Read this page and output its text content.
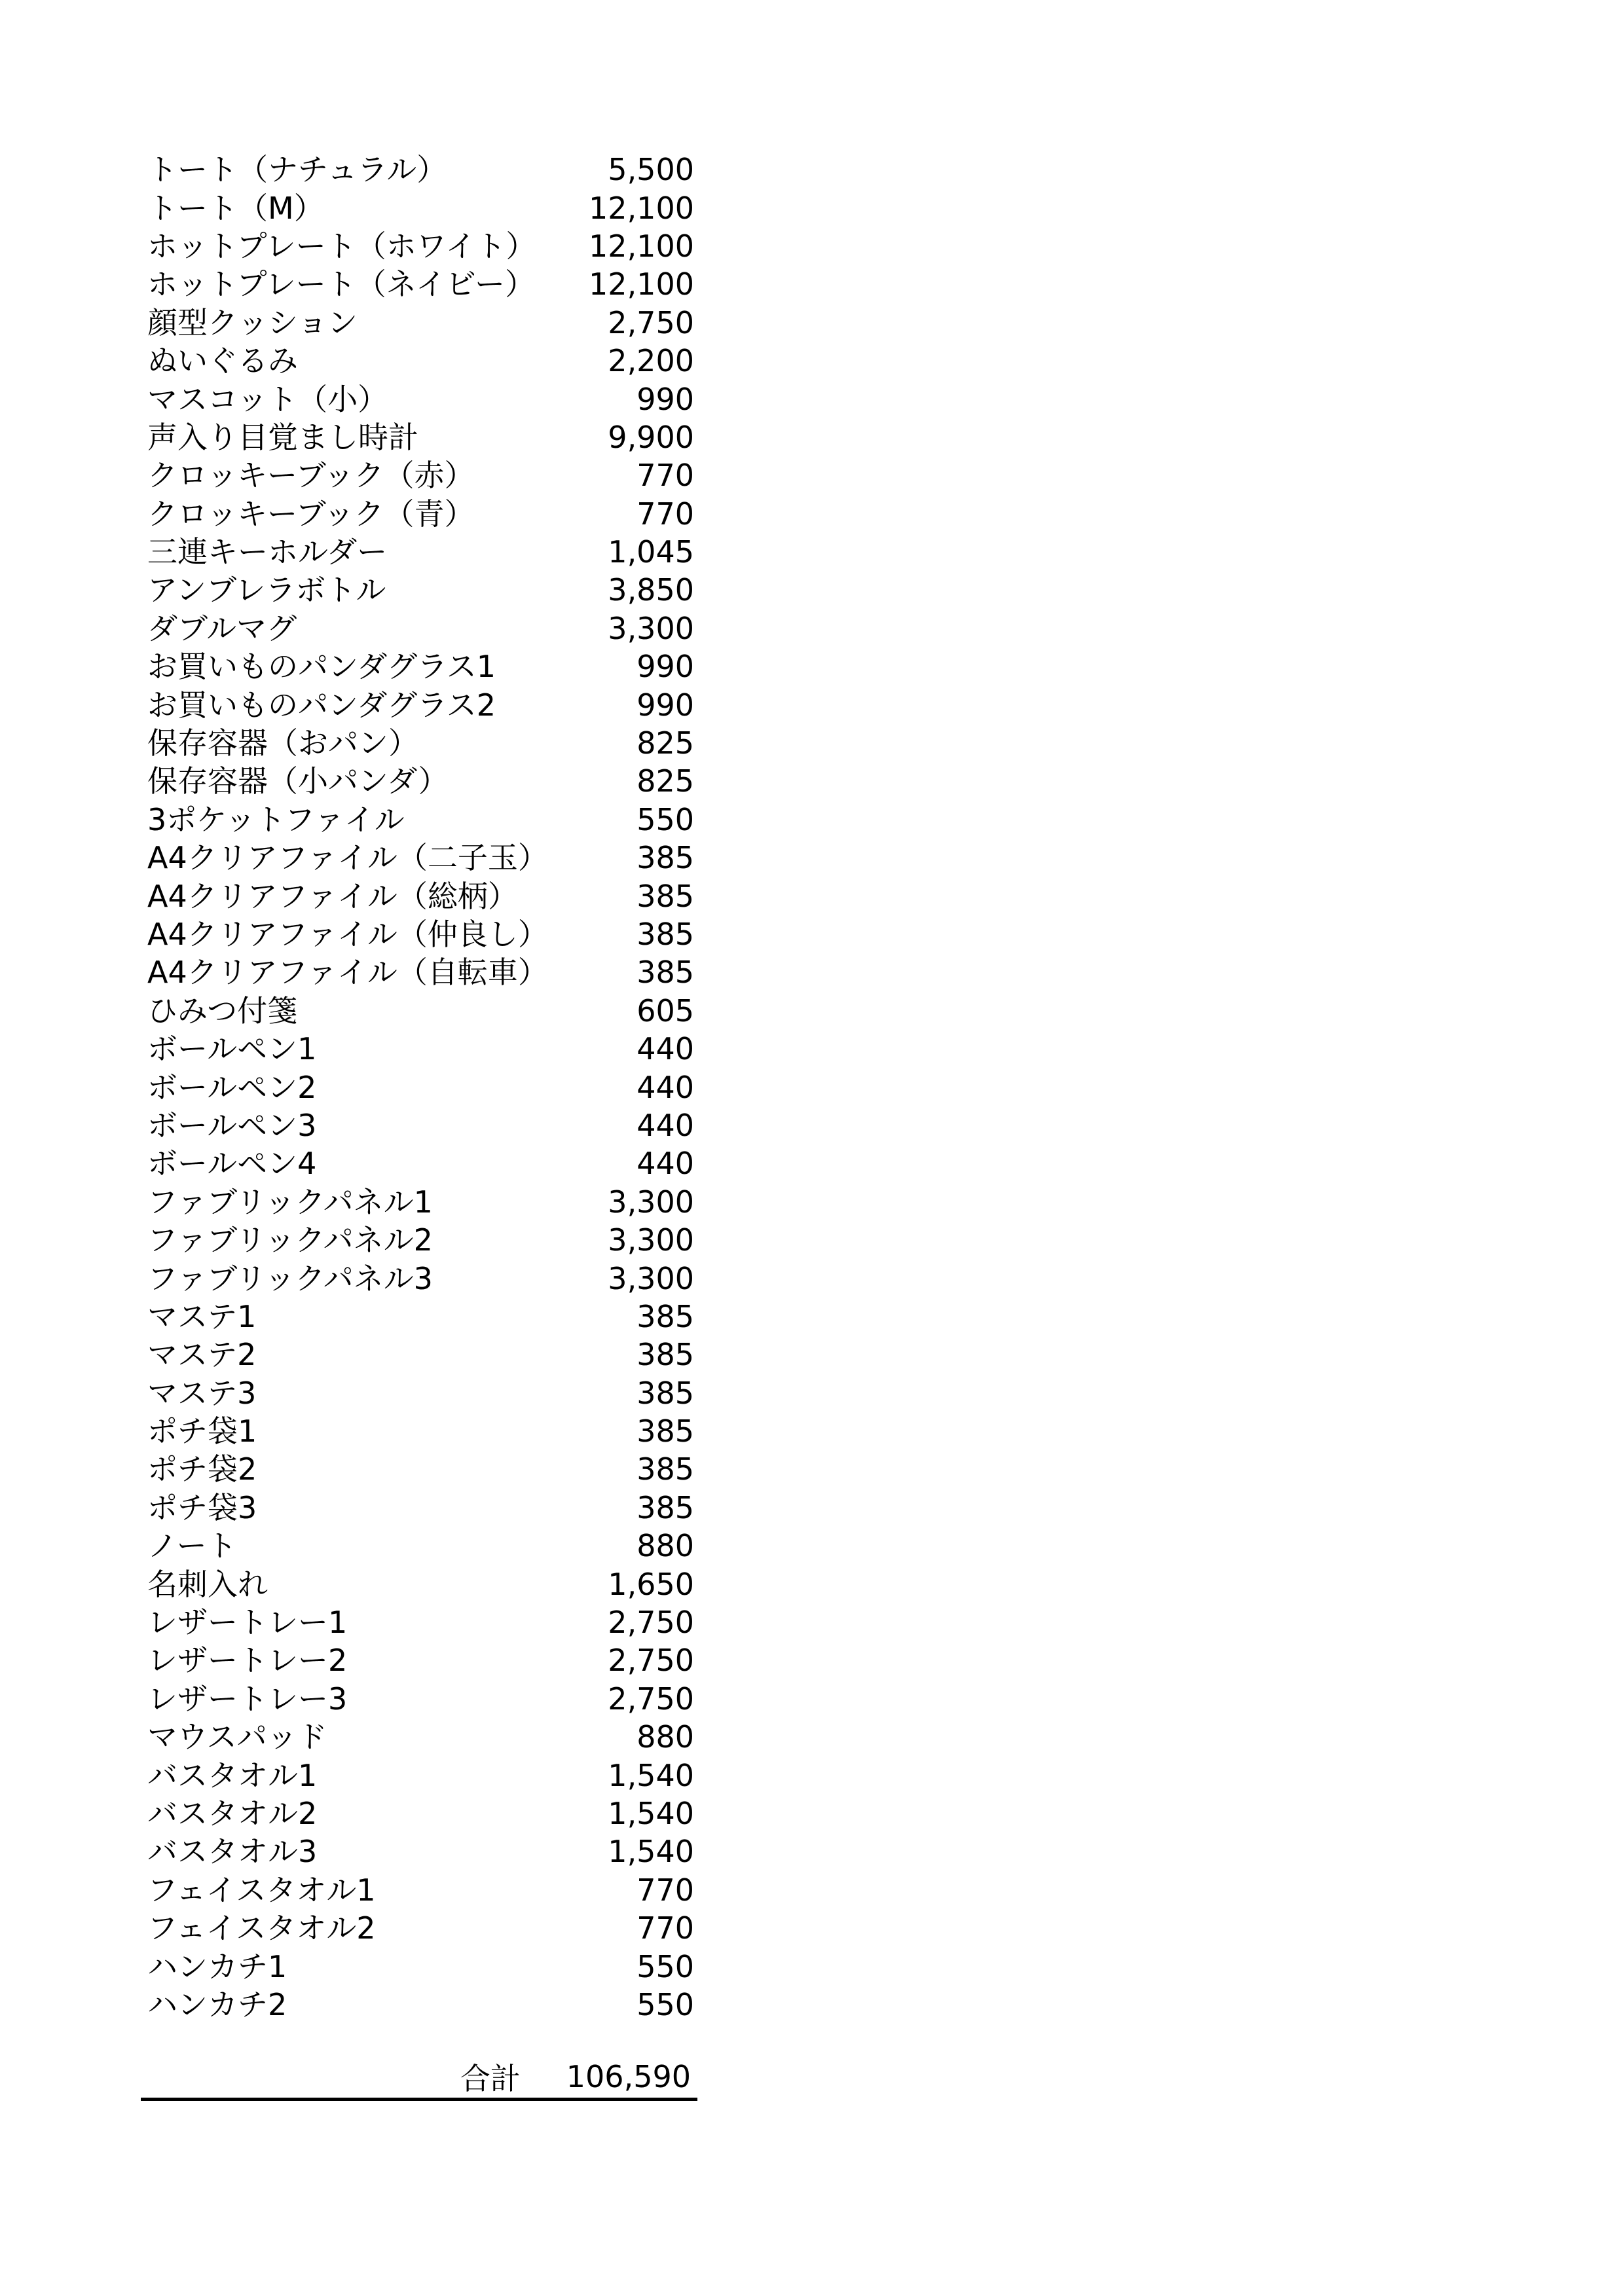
トート（ナチュラル）	5,500
トート（M）	12,100
ホットプレート（ホワイト）	12,100
ホットプレート（ネイビー）	12,100
顔型クッション	2,750
ぬいぐるみ	2,200
マスコット（小）	990
声入り目覚まし時計	9,900
クロッキーブック（赤）	770
クロッキーブック（青）	770
三連キーホルダー	1,045
アンブレラボトル	3,850
ダブルマグ	3,300
お買いものパンダグラス1	990
お買いものパンダグラス2	990
保存容器（おパン）	825
保存容器（小パンダ）	825
3ポケットファイル	550
A4クリアファイル（二子玉）	385
A4クリアファイル（総柄）	385
A4クリアファイル（仲良し）	385
A4クリアファイル（自転車）	385
ひみつ付箋	605
ボールペン1	440
ボールペン2	440
ボールペン3	440
ボールペン4	440
ファブリックパネル1	3,300
ファブリックパネル2	3,300
ファブリックパネル3	3,300
マステ1	385
マステ2	385
マステ3	385
ポチ袋1	385
ポチ袋2	385
ポチ袋3	385
ノート	880
名刺入れ	1,650
レザートレー1	2,750
レザートレー2	2,750
レザートレー3	2,750
マウスパッド	880
バスタオル1	1,540
バスタオル2	1,540
バスタオル3	1,540
フェイスタオル1	770
フェイスタオル2	770
ハンカチ1	550
ハンカチ2	550
合計 106,590
